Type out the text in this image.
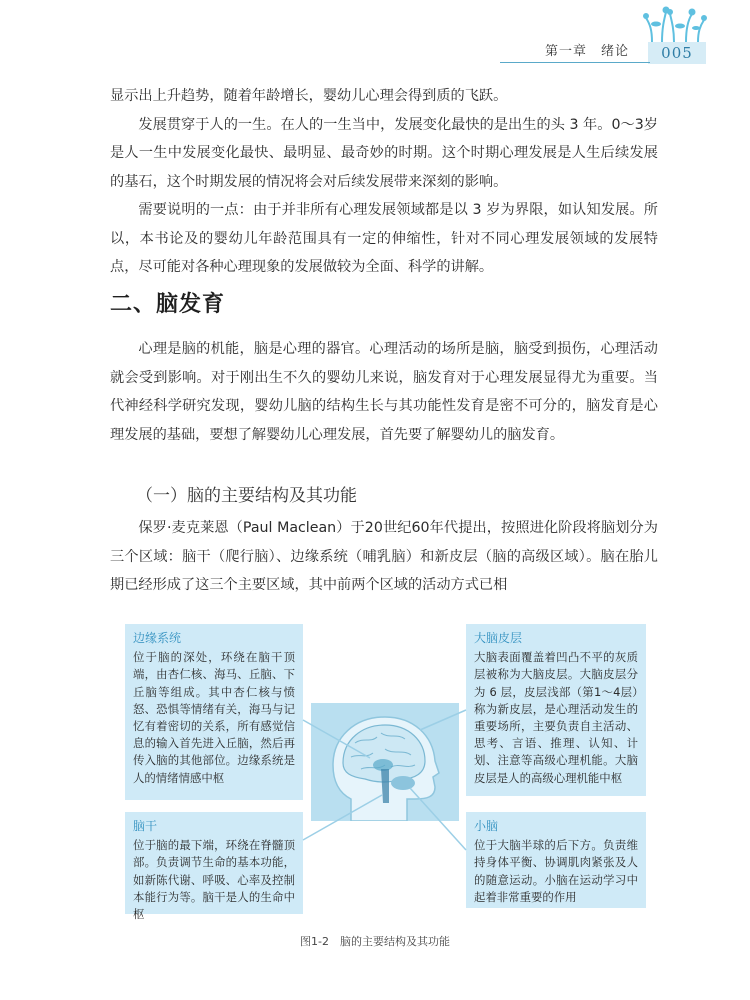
第一章　绪论	005

显示出上升趋势，随着年龄增长，婴幼儿心理会得到质的飞跃。

发展贯穿于人的一生。在人的一生当中，发展变化最快的是出生的头 3 年。0～3岁是人一生中发展变化最快、最明显、最奇妙的时期。这个时期心理发展是人生后续发展的基石，这个时期发展的情况将会对后续发展带来深刻的影响。

需要说明的一点：由于并非所有心理发展领域都是以 3 岁为界限，如认知发展。所以，本书论及的婴幼儿年龄范围具有一定的伸缩性，针对不同心理发展领域的发展特点，尽可能对各种心理现象的发展做较为全面、科学的讲解。

二、脑发育

心理是脑的机能，脑是心理的器官。心理活动的场所是脑，脑受到损伤，心理活动就会受到影响。对于刚出生不久的婴幼儿来说，脑发育对于心理发展显得尤为重要。当代神经科学研究发现，婴幼儿脑的结构生长与其功能性发育是密不可分的，脑发育是心理发展的基础，要想了解婴幼儿心理发展，首先要了解婴幼儿的脑发育。

（一）脑的主要结构及其功能

保罗·麦克莱恩（Paul Maclean）于20世纪60年代提出，按照进化阶段将脑划分为三个区域：脑干（爬行脑）、边缘系统（哺乳脑）和新皮层（脑的高级区域）。脑在胎儿期已经形成了这三个主要区域，其中前两个区域的活动方式已相

边缘系统
位于脑的深处，环绕在脑干顶端，由杏仁核、海马、丘脑、下丘脑等组成。其中杏仁核与愤怒、恐惧等情绪有关，海马与记忆有着密切的关系，所有感觉信息的输入首先进入丘脑，然后再传入脑的其他部位。边缘系统是人的情绪情感中枢
大脑皮层
大脑表面覆盖着凹凸不平的灰质层被称为大脑皮层。大脑皮层分为 6 层，皮层浅部（第1～4层）称为新皮层，是心理活动发生的重要场所，主要负责自主活动、思考、言语、推理、认知、计划、注意等高级心理机能。大脑皮层是人的高级心理机能中枢
脑干
位于脑的最下端，环绕在脊髓顶部。负责调节生命的基本功能，如新陈代谢、呼吸、心率及控制本能行为等。脑干是人的生命中枢
小脑
位于大脑半球的后下方。负责维持身体平衡、协调肌肉紧张及人的随意运动。小脑在运动学习中起着非常重要的作用
图1-2　脑的主要结构及其功能
